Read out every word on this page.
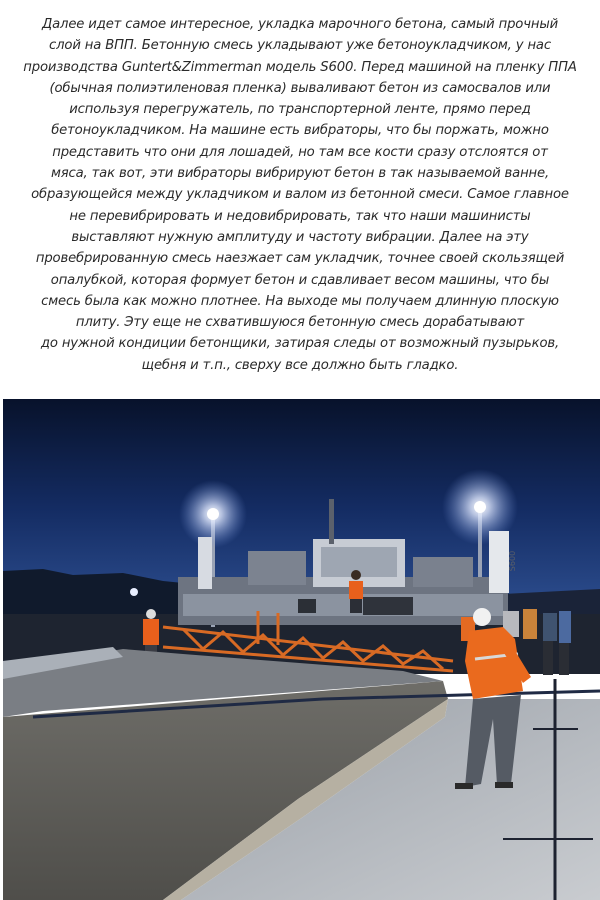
Далее идет самое интересное, укладка марочного бетона, самый прочный
слой на ВПП. Бетонную смесь укладывают уже бетоноукладчиком, у нас
производства Guntert&Zimmerman модель S600. Перед машиной на пленку ППА
(обычная полиэтиленовая пленка) вываливают бетон из самосвалов или
используя перегружатель, по транспортерной ленте, прямо перед
бетоноукладчиком. На машине есть вибраторы, что бы поржать, можно
представить что они для лошадей, но там все кости сразу отслоятся от
мяса, так вот, эти вибраторы вибрируют бетон в так называемой ванне,
образующейся между укладчиком и валом из бетонной смеси. Самое главное
не перевибрировать и недовибрировать, так что наши машинисты
выставляют нужную амплитуду и частоту вибрации. Далее на эту
провебрированную смесь наезжает сам укладчик, точнее своей скользящей
опалубкой, которая формует бетон и сдавливает весом машины, что бы
смесь была как можно плотнее. На выходе мы получаем длинную плоскую
плиту. Эту еще не схватившуюся бетонную смесь дорабатывают
до нужной кондиции бетонщики, затирая следы от возможный пузырьков,
щебня и т.п., сверху все должно быть гладко.
S600
